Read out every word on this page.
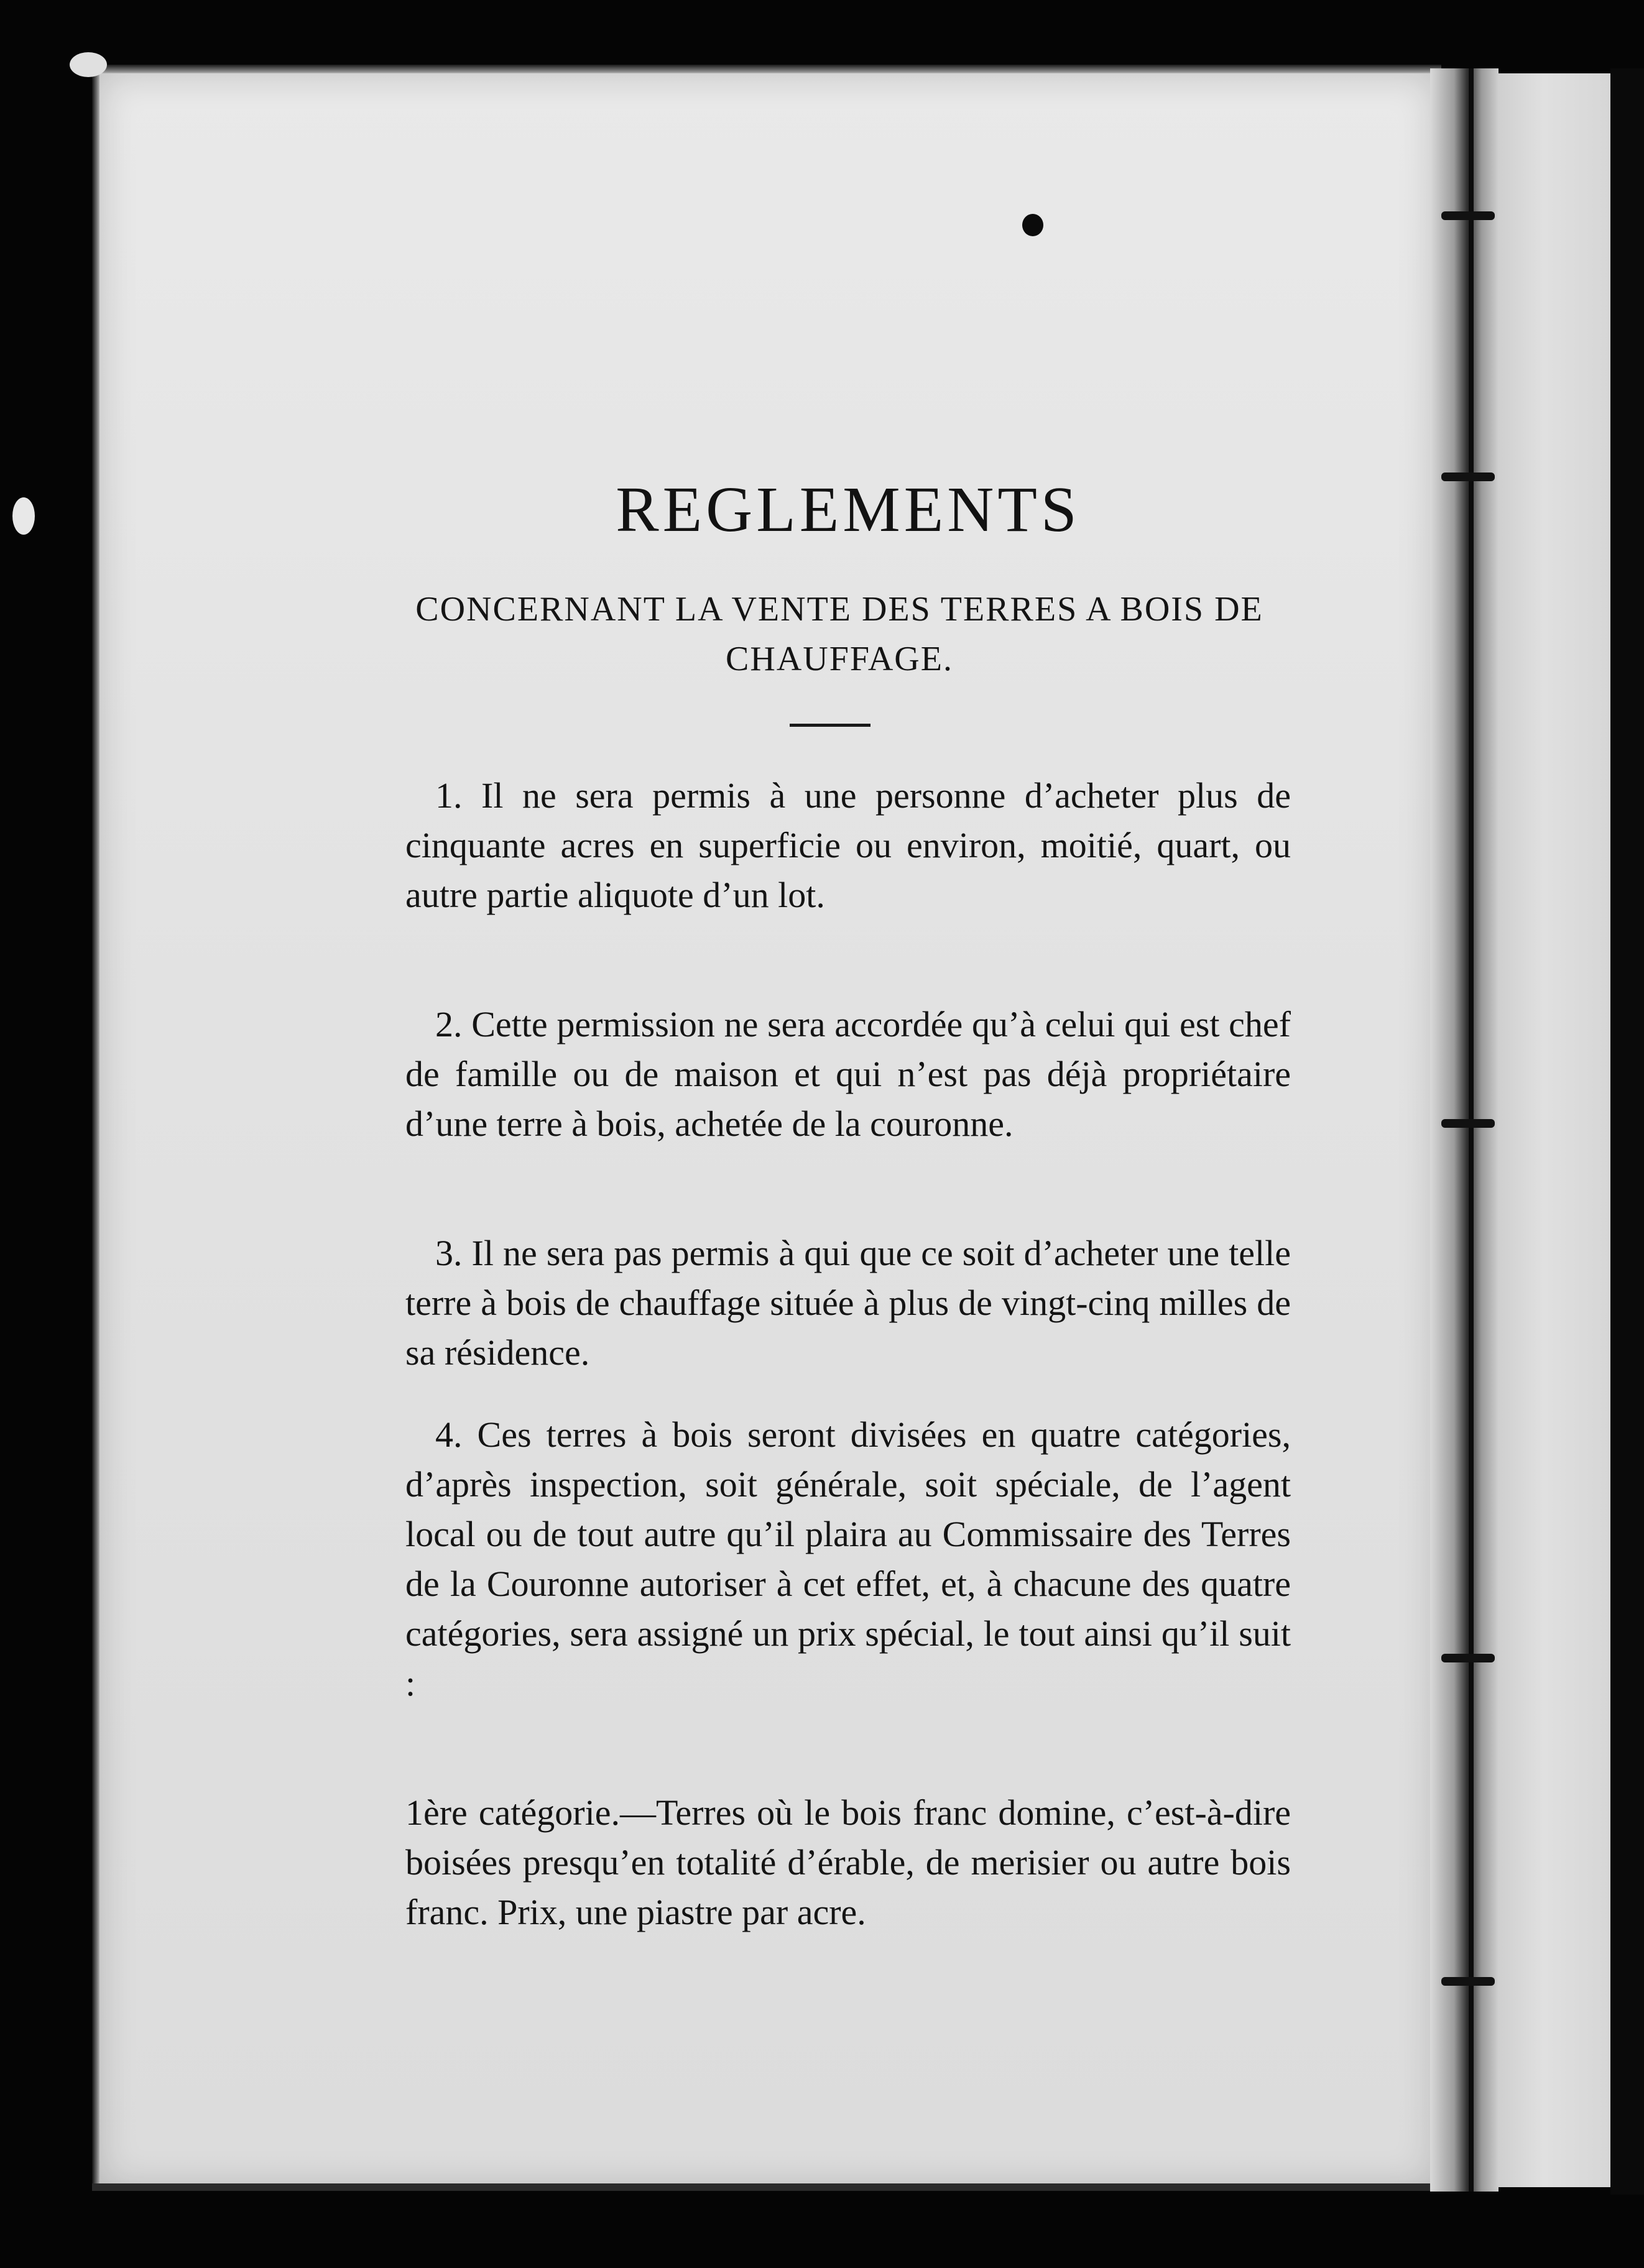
REGLEMENTS

CONCERNANT LA VENTE DES TERRES A BOIS DE CHAUFFAGE.

1. Il ne sera permis à une personne d’acheter plus de cinquante acres en superficie ou environ, moitié, quart, ou autre partie aliquote d’un lot.

2. Cette permission ne sera accordée qu’à celui qui est chef de famille ou de maison et qui n’est pas déjà propriétaire d’une terre à bois, achetée de la couronne.

3. Il ne sera pas permis à qui que ce soit d’acheter une telle terre à bois de chauffage située à plus de vingt-cinq milles de sa résidence.

4. Ces terres à bois seront divisées en quatre catégories, d’après inspection, soit générale, soit spéciale, de l’agent local ou de tout autre qu’il plaira au Commissaire des Terres de la Couronne autoriser à cet effet, et, à chacune des quatre catégories, sera assigné un prix spécial, le tout ainsi qu’il suit :

1ère catégorie.—Terres où le bois franc domine, c’est-à-dire boisées presqu’en totalité d’érable, de merisier ou autre bois franc. Prix, une piastre par acre.
